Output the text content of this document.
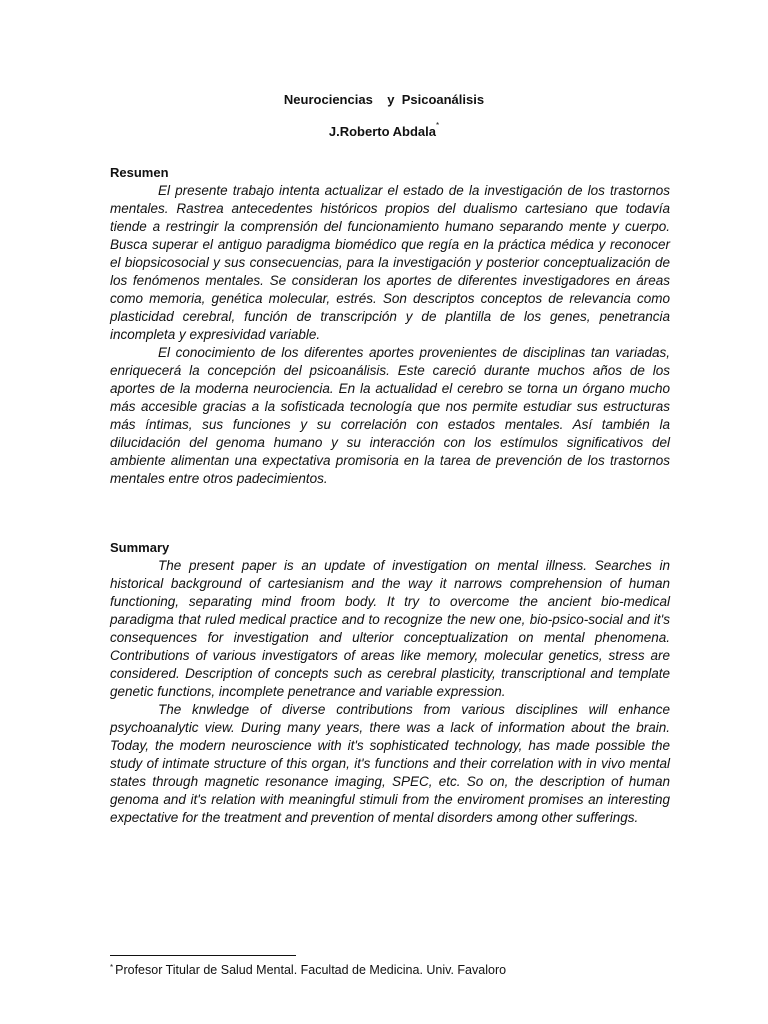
Neurociencias    y  Psicoanálisis
J.Roberto Abdala*

Resumen

El presente trabajo intenta actualizar el estado de la investigación de los trastornos mentales. Rastrea antecedentes históricos propios del dualismo cartesiano que todavía tiende a restringir la comprensión del funcionamiento humano separando mente y cuerpo. Busca superar el antiguo paradigma biomédico que regía en la práctica médica y reconocer el biopsicosocial y sus consecuencias, para la investigación y posterior conceptualización de los fenómenos mentales. Se consideran los aportes de diferentes investigadores en áreas como memoria, genética molecular, estrés. Son descriptos conceptos de relevancia como plasticidad cerebral, función de transcripción y de plantilla de los genes, penetrancia incompleta y expresividad variable.

El conocimiento de los diferentes aportes provenientes de disciplinas tan variadas, enriquecerá la concepción del psicoanálisis. Este careció durante muchos años de los aportes de la moderna neurociencia. En la actualidad el cerebro se torna un órgano mucho más accesible gracias a la sofisticada tecnología que nos permite estudiar sus estructuras más íntimas, sus funciones y su correlación con estados mentales. Así también la dilucidación del genoma humano y su interacción con los estímulos significativos del ambiente alimentan una expectativa promisoria en la tarea de prevención de los trastornos mentales entre otros padecimientos.

Summary

The present paper is an update of investigation on mental illness. Searches in historical background of cartesianism and the way it narrows comprehension of human functioning, separating mind froom body. It try to overcome the ancient bio-medical paradigma that ruled medical practice and to recognize the new one, bio-psico-social and it's consequences for investigation and ulterior conceptualization on mental phenomena. Contributions of various investigators of areas like memory, molecular genetics, stress are considered. Description of concepts such as cerebral plasticity, transcriptional and template genetic functions, incomplete penetrance and variable expression.

The knwledge of diverse contributions from various disciplines will enhance psychoanalytic view. During many years, there was a lack of information about the brain. Today, the modern neuroscience with it's sophisticated technology, has made possible the study of intimate structure of this organ, it's functions and their correlation with in vivo mental states through magnetic resonance imaging, SPEC, etc. So on, the description of human genoma and it's relation with meaningful stimuli from the enviroment promises an interesting expectative for the treatment and prevention of mental disorders among other sufferings.

* Profesor Titular de Salud Mental. Facultad de Medicina. Univ. Favaloro
